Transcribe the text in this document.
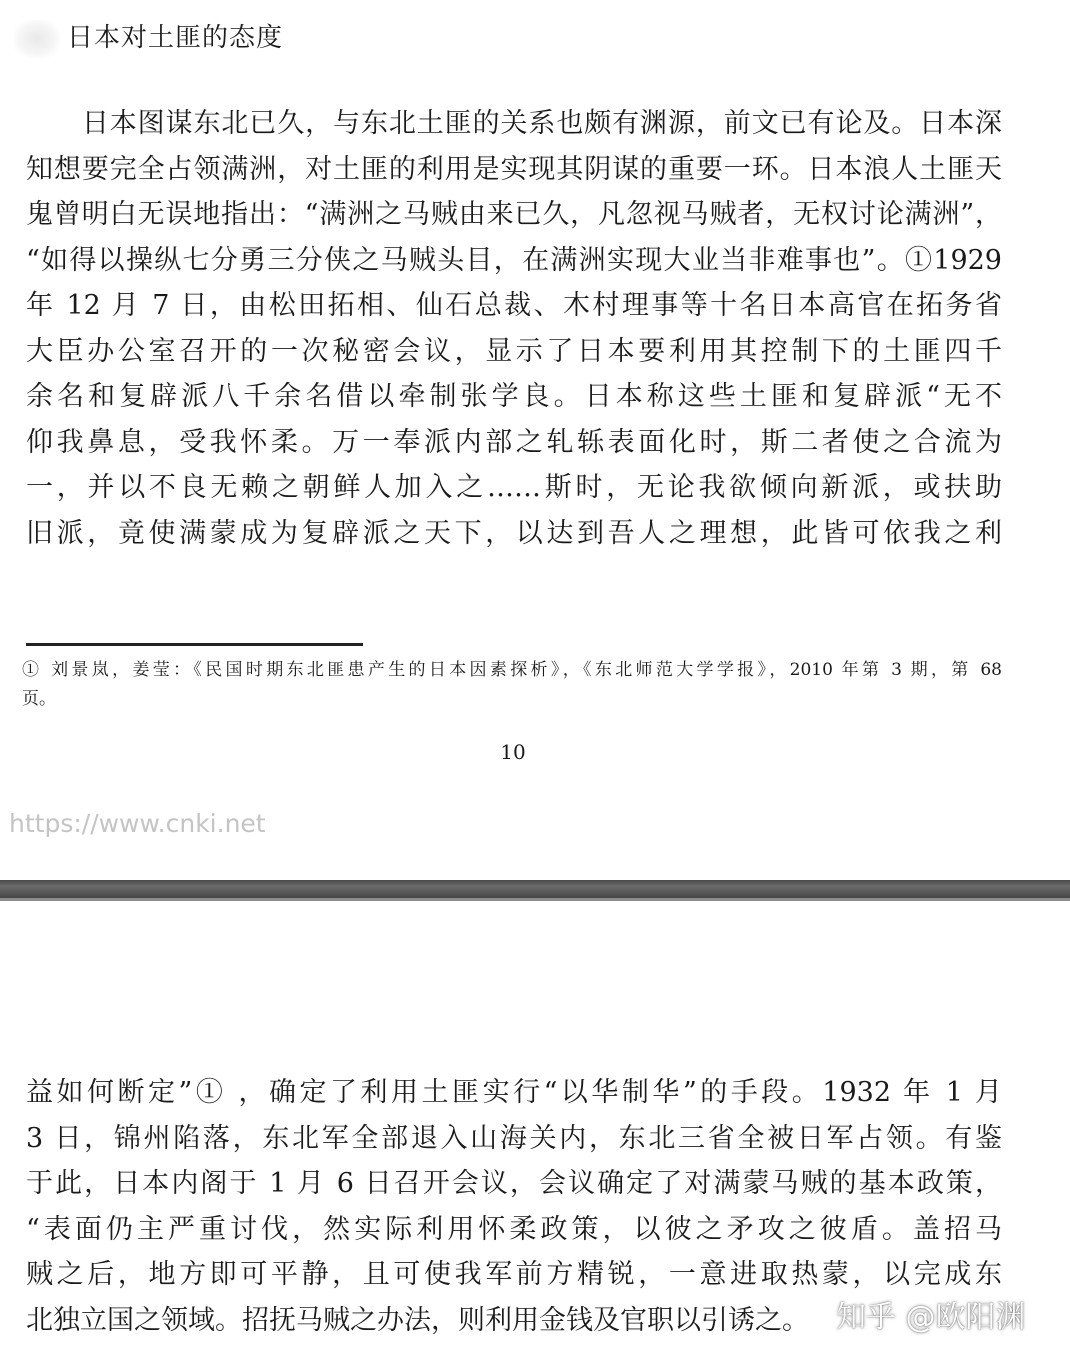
日本对土匪的态度
　　日本图谋东北已久，与东北土匪的关系也颇有渊源，前文已有论及。日本深
知想要完全占领满洲，对土匪的利用是实现其阴谋的重要一环。日本浪人土匪天
鬼曾明白无误地指出：“满洲之马贼由来已久，凡忽视马贼者，无权讨论满洲”，
“如得以操纵七分勇三分侠之马贼头目，在满洲实现大业当非难事也”。①1929
年 12 月 7 日，由松田拓相、仙石总裁、木村理事等十名日本高官在拓务省
大臣办公室召开的一次秘密会议，显示了日本要利用其控制下的土匪四千
余名和复辟派八千余名借以牵制张学良。日本称这些土匪和复辟派“无不
仰我鼻息，受我怀柔。万一奉派内部之轧轹表面化时，斯二者使之合流为
一，并以不良无赖之朝鲜人加入之……斯时，无论我欲倾向新派，或扶助
旧派，竟使满蒙成为复辟派之天下，以达到吾人之理想，此皆可依我之利
① 刘景岚，姜莹：《民国时期东北匪患产生的日本因素探析》，《东北师范大学学报》，2010 年第 3 期，第 68
页。
10
https://www.cnki.net
益如何断定”① ，确定了利用土匪实行“以华制华”的手段。1932 年 1 月
3 日，锦州陷落，东北军全部退入山海关内，东北三省全被日军占领。有鉴
于此，日本内阁于 1 月 6 日召开会议，会议确定了对满蒙马贼的基本政策，
“表面仍主严重讨伐，然实际利用怀柔政策，以彼之矛攻之彼盾。盖招马
贼之后，地方即可平静，且可使我军前方精锐，一意进取热蒙，以完成东
北独立国之领域。招抚马贼之办法，则利用金钱及官职以引诱之。 知乎 @欧阳渊
